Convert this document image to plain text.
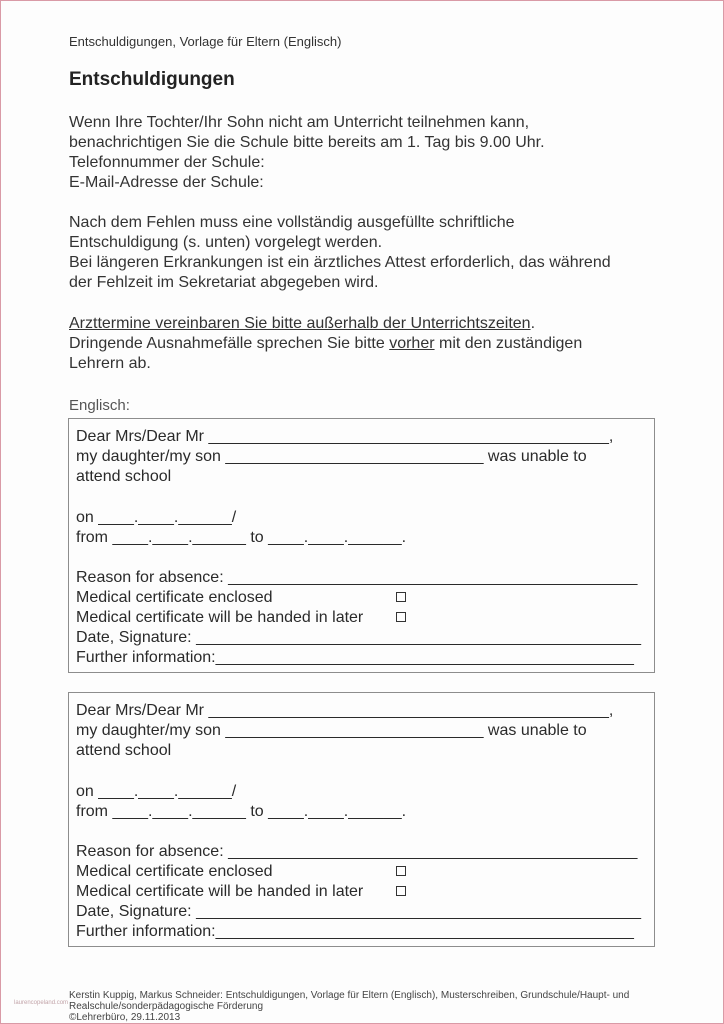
Entschuldigungen, Vorlage für Eltern (Englisch)
Entschuldigungen

Wenn Ihre Tochter/Ihr Sohn nicht am Unterricht teilnehmen kann,

benachrichtigen Sie die Schule bitte bereits am 1. Tag bis 9.00 Uhr.

Telefonnummer der Schule:

E-Mail-Adresse der Schule:

Nach dem Fehlen muss eine vollständig ausgefüllte schriftliche

Entschuldigung (s. unten) vorgelegt werden.

Bei längeren Erkrankungen ist ein ärztliches Attest erforderlich, das während

der Fehlzeit im Sekretariat abgegeben wird.

Arzttermine vereinbaren Sie bitte außerhalb der Unterrichtszeiten.

Dringende Ausnahmefälle sprechen Sie bitte vorher mit den zuständigen

Lehrern ab.

Englisch:
Dear Mrs/Dear Mr _____________________________________________,
my daughter/my son _____________________________ was unable to
attend school
on ____.____.______/
from ____.____.______ to ____.____.______.
Reason for absence: ______________________________________________
Medical certificate enclosed
Medical certificate will be handed in later
Date, Signature: __________________________________________________
Further information:_______________________________________________
Dear Mrs/Dear Mr _____________________________________________,
my daughter/my son _____________________________ was unable to
attend school
on ____.____.______/
from ____.____.______ to ____.____.______.
Reason for absence: ______________________________________________
Medical certificate enclosed
Medical certificate will be handed in later
Date, Signature: __________________________________________________
Further information:_______________________________________________

Kerstin Kuppig, Markus Schneider: Entschuldigungen, Vorlage für Eltern (Englisch), Musterschreiben, Grundschule/Haupt- und

Realschule/sonderpädagogische Förderung

©Lehrerbüro, 29.11.2013

laurencopeland.com
